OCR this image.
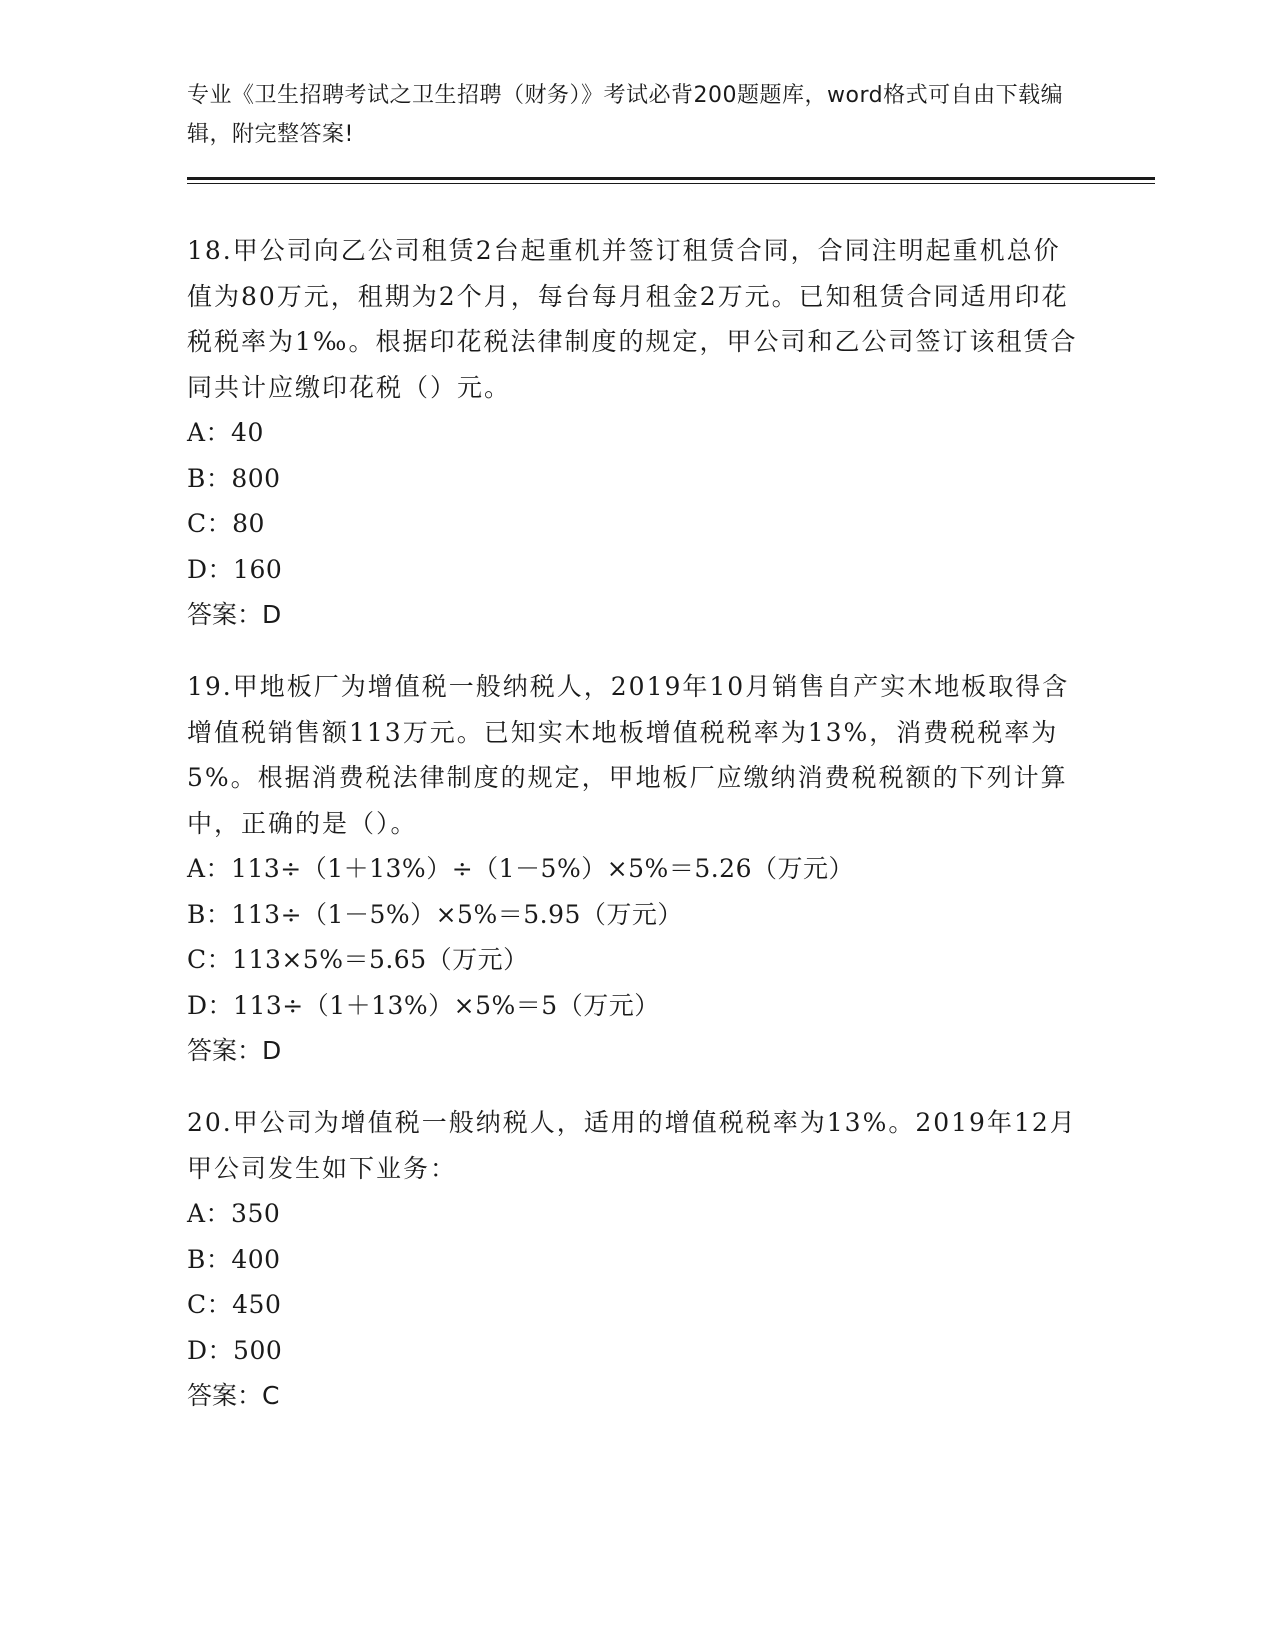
专业《卫生招聘考试之卫生招聘（财务）》考试必背200题题库，word格式可自由下载编辑，附完整答案!

18.甲公司向乙公司租赁2台起重机并签订租赁合同，合同注明起重机总价值为80万元，租期为2个月，每台每月租金2万元。已知租赁合同适用印花税税率为1‰。根据印花税法律制度的规定，甲公司和乙公司签订该租赁合同共计应缴印花税（）元。

A：40

B：800

C：80

D：160

答案：D

19.甲地板厂为增值税一般纳税人，2019年10月销售自产实木地板取得含增值税销售额113万元。已知实木地板增值税税率为13%，消费税税率为5%。根据消费税法律制度的规定，甲地板厂应缴纳消费税税额的下列计算中，正确的是（）。

A：113÷（1＋13%）÷（1－5%）×5%＝5.26（万元）

B：113÷（1－5%）×5%＝5.95（万元）

C：113×5%＝5.65（万元）

D：113÷（1＋13%）×5%＝5（万元）

答案：D

20.甲公司为增值税一般纳税人，适用的增值税税率为13%。2019年12月甲公司发生如下业务：

A：350

B：400

C：450

D：500

答案：C
